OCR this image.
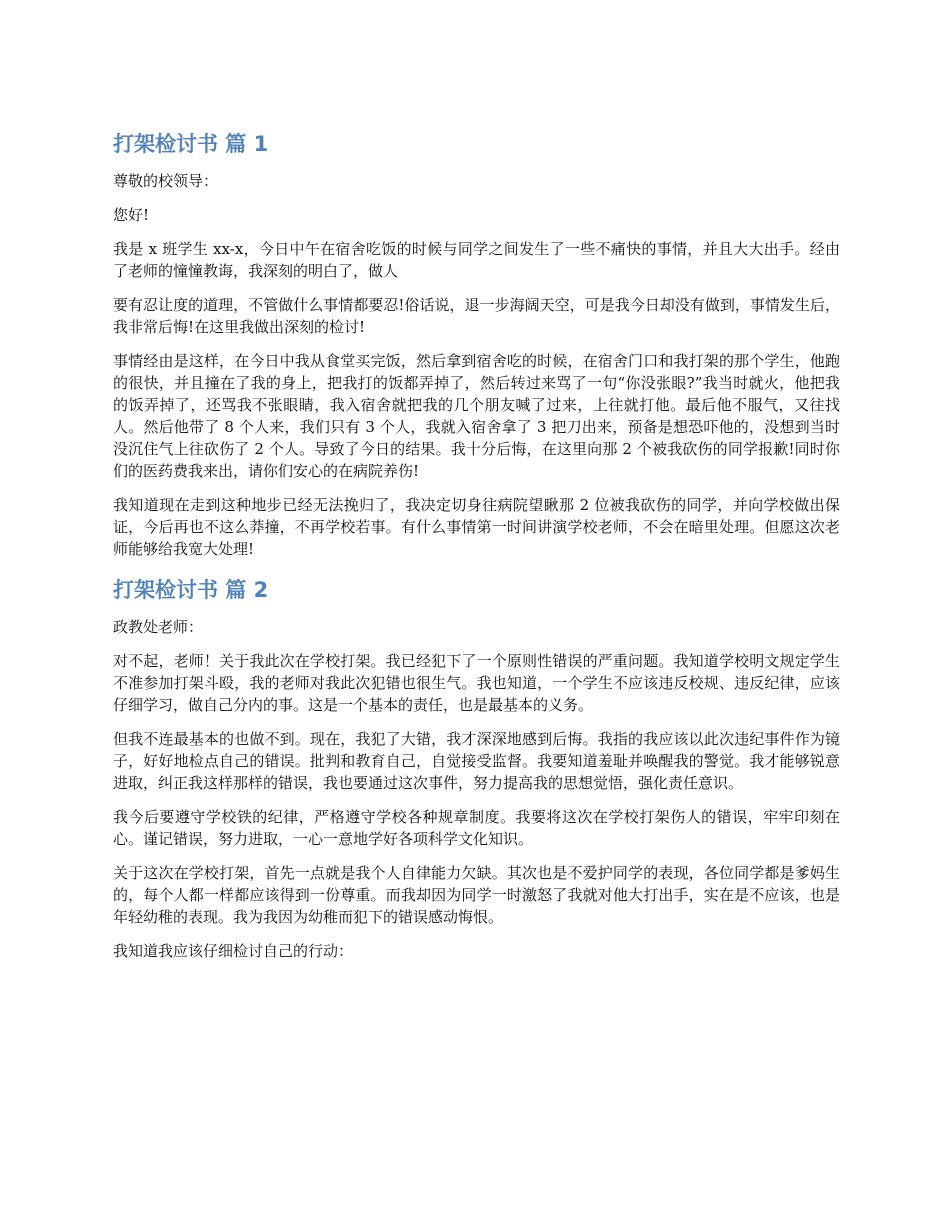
打架检讨书 篇 1

尊敬的校领导：

您好!

我是 x 班学生 xx-x，今日中午在宿舍吃饭的时候与同学之间发生了一些不痛快的事情，并且大大出手。经由了老师的憧憧教诲，我深刻的明白了，做人

要有忍让度的道理，不管做什么事情都要忍!俗话说，退一步海阔天空，可是我今日却没有做到，事情发生后，我非常后悔!在这里我做出深刻的检讨!

事情经由是这样，在今日中我从食堂买完饭，然后拿到宿舍吃的时候，在宿舍门口和我打架的那个学生，他跑的很快，并且撞在了我的身上，把我打的饭都弄掉了，然后转过来骂了一句“你没张眼?”我当时就火，他把我的饭弄掉了，还骂我不张眼睛，我入宿舍就把我的几个朋友喊了过来，上往就打他。最后他不服气，又往找人。然后他带了 8 个人来，我们只有 3 个人，我就入宿舍拿了 3 把刀出来，预备是想恐吓他的，没想到当时没沉住气上往砍伤了 2 个人。导致了今日的结果。我十分后悔，在这里向那 2 个被我砍伤的同学报歉!同时你们的医药费我来出，请你们安心的在病院养伤!

我知道现在走到这种地步已经无法挽归了，我决定切身往病院望瞅那 2 位被我砍伤的同学，并向学校做出保证，今后再也不这么莽撞，不再学校若事。有什么事情第一时间讲演学校老师，不会在暗里处理。但愿这次老师能够给我宽大处理!

打架检讨书 篇 2

政教处老师：

对不起，老师！关于我此次在学校打架。我已经犯下了一个原则性错误的严重问题。我知道学校明文规定学生不准参加打架斗殴，我的老师对我此次犯错也很生气。我也知道，一个学生不应该违反校规、违反纪律，应该仔细学习，做自己分内的事。这是一个基本的责任，也是最基本的义务。

但我不连最基本的也做不到。现在，我犯了大错，我才深深地感到后悔。我指的我应该以此次违纪事件作为镜子，好好地检点自己的错误。批判和教育自己，自觉接受监督。我要知道羞耻并唤醒我的警觉。我才能够锐意进取，纠正我这样那样的错误，我也要通过这次事件，努力提高我的思想觉悟，强化责任意识。

我今后要遵守学校铁的纪律，严格遵守学校各种规章制度。我要将这次在学校打架伤人的错误，牢牢印刻在心。谨记错误，努力进取，一心一意地学好各项科学文化知识。

关于这次在学校打架，首先一点就是我个人自律能力欠缺。其次也是不爱护同学的表现，各位同学都是爹妈生的，每个人都一样都应该得到一份尊重。而我却因为同学一时激怒了我就对他大打出手，实在是不应该，也是年轻幼稚的表现。我为我因为幼稚而犯下的错误感动悔恨。

我知道我应该仔细检讨自己的行动：
